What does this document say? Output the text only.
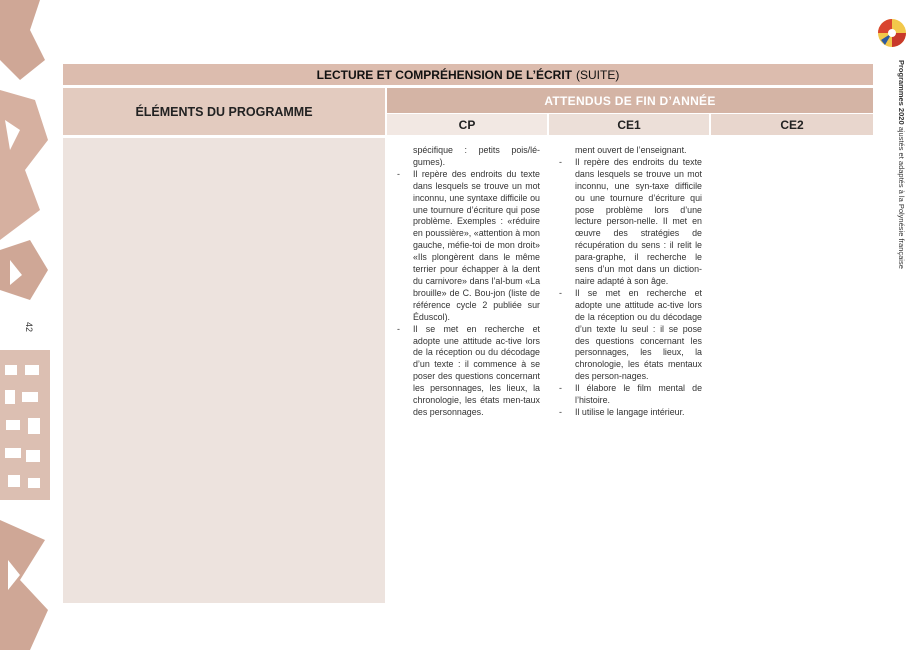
42
Programmes 2020 ajustés et adaptés à la Polynésie française
LECTURE ET COMPRÉHENSION DE L’ÉCRIT (SUITE)
ÉLÉMENTS DU PROGRAMME
ATTENDUS DE FIN D’ANNÉE
CP	CE1	CE2

spécifique : petits pois/lé-gumes).

- Il repère des endroits du texte dans lesquels se trouve un mot inconnu, une syntaxe difficile ou une tournure d’écriture qui pose problème. Exemples : «réduire en poussière», «attention à mon gauche, méfie-toi de mon droit» «Ils plongèrent dans le même terrier pour échapper à la dent du carnivore» dans l’al-bum «La brouille» de C. Bou-jon (liste de référence cycle 2 publiée sur Éduscol).

- Il se met en recherche et adopte une attitude ac-tive lors de la réception ou du décodage d’un texte : il commence à se poser des questions concernant les personnages, les lieux, la chronologie, les états men-taux des personnages.

ment ouvert de l’enseignant.

- Il repère des endroits du texte dans lesquels se trouve un mot inconnu, une syn-taxe difficile ou une tournure d’écriture qui pose problème lors d’une lecture person-nelle. Il met en œuvre des stratégies de récupération du sens : il relit le para-graphe, il recherche le sens d’un mot dans un diction-naire adapté à son âge.

- Il se met en recherche et adopte une attitude ac-tive lors de la réception ou du décodage d’un texte lu seul : il se pose des questions concernant les personnages, les lieux, la chronologie, les états mentaux des person-nages.

- Il élabore le film mental de l’histoire.

- Il utilise le langage intérieur.
